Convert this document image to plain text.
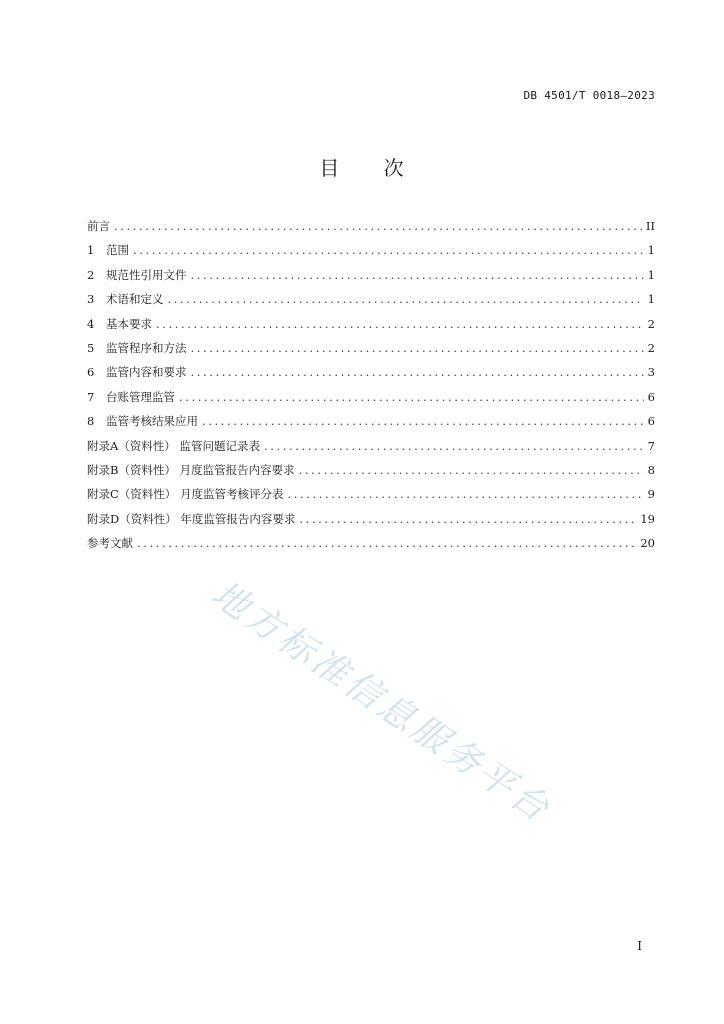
DB 4501/T 0018—2023
目 次
前言 .....	II
1	范围 .....	1
2	规范性引用文件 .....	1
3	术语和定义 .....	1
4	基本要求 .....	2
5	监管程序和方法 .....	2
6	监管内容和要求 .....	3
7	台账管理监管 .....	6
8	监管考核结果应用 .....	6
附录A（资料性） 监管问题记录表 .....	7
附录B（资料性） 月度监管报告内容要求 .....	8
附录C（资料性） 月度监管考核评分表 .....	9
附录D（资料性） 年度监管报告内容要求 .....	19
参考文献 .....	20
地方标准信息服务平台
I
